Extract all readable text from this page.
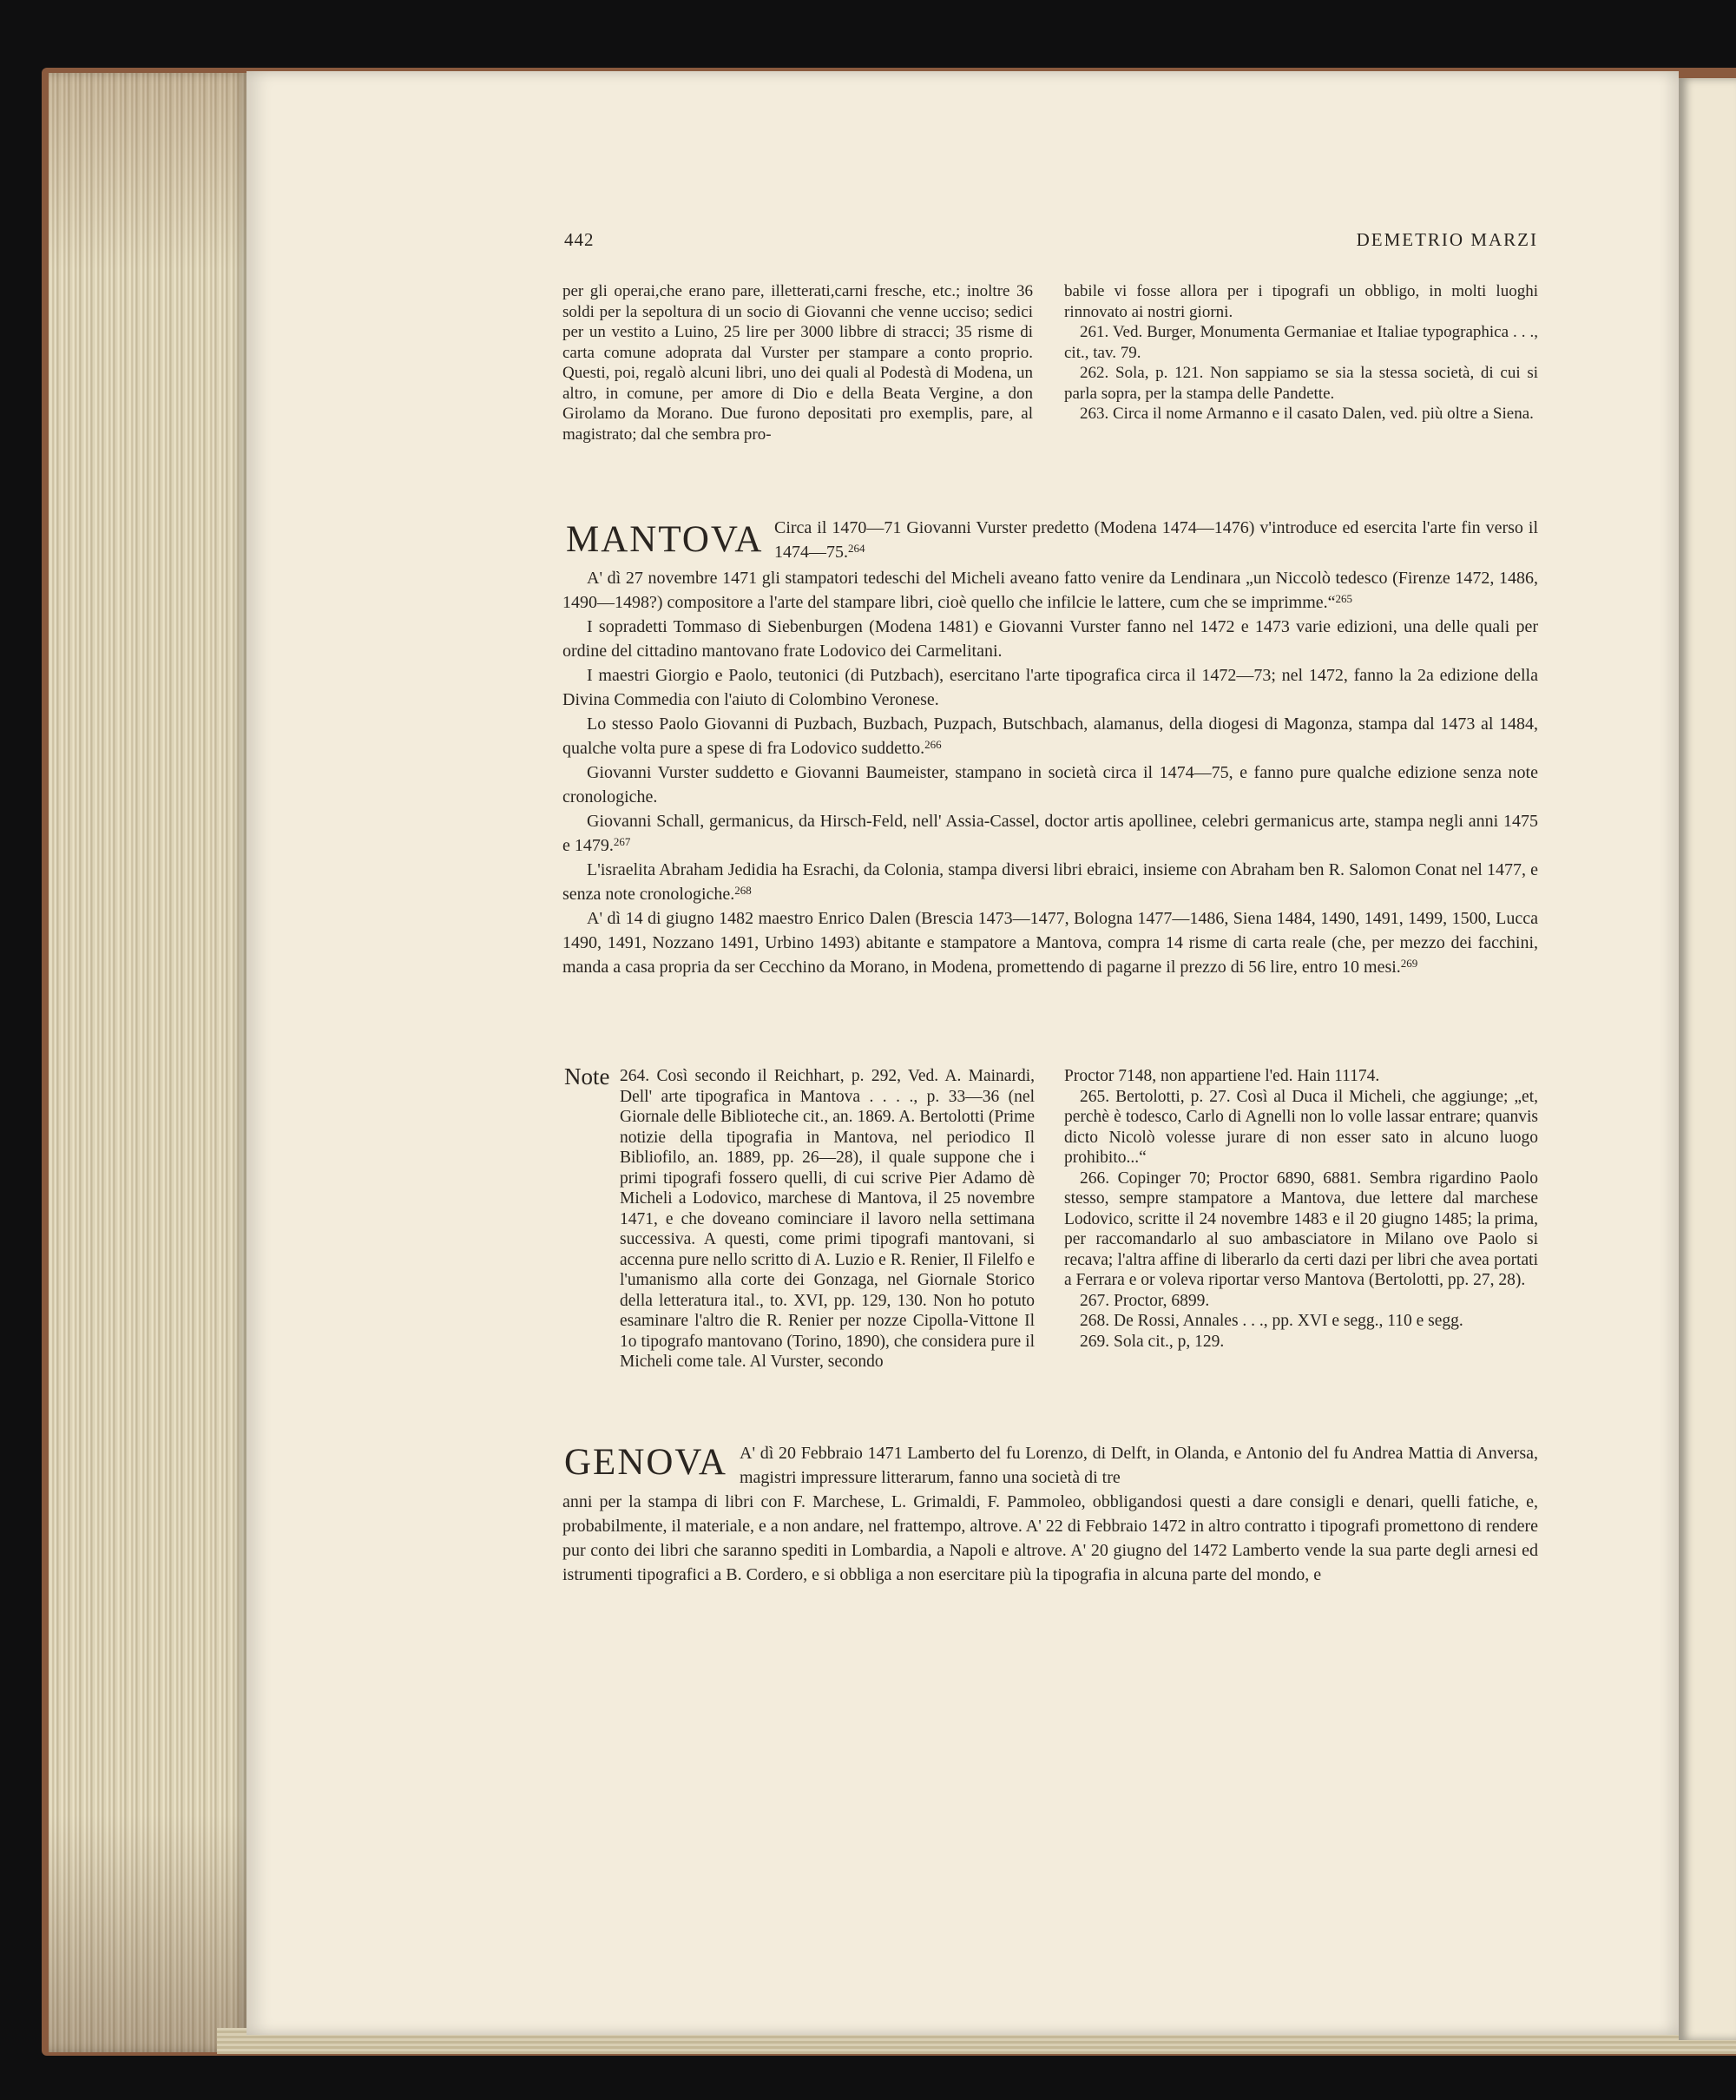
442	DEMETRIO MARZI

per gli operai,che erano pare, illetterati,carni fresche, etc.; inoltre 36 soldi per la sepoltura di un socio di Giovanni che venne ucciso; sedici per un vestito a Luino, 25 lire per 3000 libbre di stracci; 35 risme di carta comune adoprata dal Vurster per stampare a conto proprio. Questi, poi, regalò alcuni libri, uno dei quali al Podestà di Modena, un altro, in comune, per amore di Dio e della Beata Vergine, a don Girolamo da Morano. Due furono depositati pro exemplis, pare, al magistrato; dal che sembra pro-

babile vi fosse allora per i tipografi un obbligo, in molti luoghi rinnovato ai nostri giorni.

261. Ved. Burger, Monumenta Germaniae et Italiae typographica . . ., cit., tav. 79.

262. Sola, p. 121. Non sappiamo se sia la stessa società, di cui si parla sopra, per la stampa delle Pandette.

263. Circa il nome Armanno e il casato Dalen, ved. più oltre a Siena.

MANTOVA Circa il 1470—71 Giovanni Vurster predetto (Modena 1474—1476) v'introduce ed esercita l'arte fin verso il 1474—75.$^{264}$

A' dì 27 novembre 1471 gli stampatori tedeschi del Micheli aveano fatto venire da Lendinara „un Niccolò tedesco (Firenze 1472, 1486, 1490—1498?) compositore a l'arte del stampare libri, cioè quello che infilcie le lattere, cum che se imprimme.“$^{265}$

I sopradetti Tommaso di Siebenburgen (Modena 1481) e Giovanni Vurster fanno nel 1472 e 1473 varie edizioni, una delle quali per ordine del cittadino mantovano frate Lodovico dei Carmelitani.

I maestri Giorgio e Paolo, teutonici (di Putzbach), esercitano l'arte tipografica circa il 1472—73; nel 1472, fanno la 2a edizione della Divina Commedia con l'aiuto di Colombino Veronese.

Lo stesso Paolo Giovanni di Puzbach, Buzbach, Puzpach, Butschbach, alamanus, della diogesi di Magonza, stampa dal 1473 al 1484, qualche volta pure a spese di fra Lodovico suddetto.$^{266}$

Giovanni Vurster suddetto e Giovanni Baumeister, stampano in società circa il 1474—75, e fanno pure qualche edizione senza note cronologiche.

Giovanni Schall, germanicus, da Hirsch-Feld, nell' Assia-Cassel, doctor artis apollinee, celebri germanicus arte, stampa negli anni 1475 e 1479.$^{267}$

L'israelita Abraham Jedidia ha Esrachi, da Colonia, stampa diversi libri ebraici, insieme con Abraham ben R. Salomon Conat nel 1477, e senza note cronologiche.$^{268}$

A' dì 14 di giugno 1482 maestro Enrico Dalen (Brescia 1473—1477, Bologna 1477—1486, Siena 1484, 1490, 1491, 1499, 1500, Lucca 1490, 1491, Nozzano 1491, Urbino 1493) abitante e stampatore a Mantova, compra 14 risme di carta reale (che, per mezzo dei facchini, manda a casa propria da ser Cecchino da Morano, in Modena, promettendo di pagarne il prezzo di 56 lire, entro 10 mesi.$^{269}$

Note 264. Così secondo il Reichhart, p. 292, Ved. A. Mainardi, Dell' arte tipografica in Mantova . . . ., p. 33—36 (nel Giornale delle Biblioteche cit., an. 1869. A. Bertolotti (Prime notizie della tipografia in Mantova, nel periodico Il Bibliofilo, an. 1889, pp. 26—28), il quale suppone che i primi tipografi fossero quelli, di cui scrive Pier Adamo dè Micheli a Lodovico, marchese di Mantova, il 25 novembre 1471, e che doveano cominciare il lavoro nella settimana successiva. A questi, come primi tipografi mantovani, si accenna pure nello scritto di A. Luzio e R. Renier, Il Filelfo e l'umanismo alla corte dei Gonzaga, nel Giornale Storico della letteratura ital., to. XVI, pp. 129, 130. Non ho potuto esaminare l'altro die R. Renier per nozze Cipolla-Vittone Il 1o tipografo mantovano (Torino, 1890), che considera pure il Micheli come tale. Al Vurster, secondo

Proctor 7148, non appartiene l'ed. Hain 11174.

265. Bertolotti, p. 27. Così al Duca il Micheli, che aggiunge; „et, perchè è todesco, Carlo di Agnelli non lo volle lassar entrare; quanvis dicto Nicolò volesse jurare di non esser sato in alcuno luogo prohibito...“

266. Copinger 70; Proctor 6890, 6881. Sembra rigardino Paolo stesso, sempre stampatore a Mantova, due lettere dal marchese Lodovico, scritte il 24 novembre 1483 e il 20 giugno 1485; la prima, per raccomandarlo al suo ambasciatore in Milano ove Paolo si recava; l'altra affine di liberarlo da certi dazi per libri che avea portati a Ferrara e or voleva riportar verso Mantova (Bertolotti, pp. 27, 28).

267. Proctor, 6899.

268. De Rossi, Annales . . ., pp. XVI e segg., 110 e segg.

269. Sola cit., p, 129.

GENOVA A' dì 20 Febbraio 1471 Lamberto del fu Lorenzo, di Delft, in Olanda, e Antonio del fu Andrea Mattia di Anversa, magistri impressure litterarum, fanno una società di tre

anni per la stampa di libri con F. Marchese, L. Grimaldi, F. Pammoleo, obbligandosi questi a dare consigli e denari, quelli fatiche, e, probabilmente, il materiale, e a non andare, nel frattempo, altrove. A' 22 di Febbraio 1472 in altro contratto i tipografi promettono di rendere pur conto dei libri che saranno spediti in Lombardia, a Napoli e altrove. A' 20 giugno del 1472 Lamberto vende la sua parte degli arnesi ed istrumenti tipografici a B. Cordero, e si obbliga a non esercitare più la tipografia in alcuna parte del mondo, e
